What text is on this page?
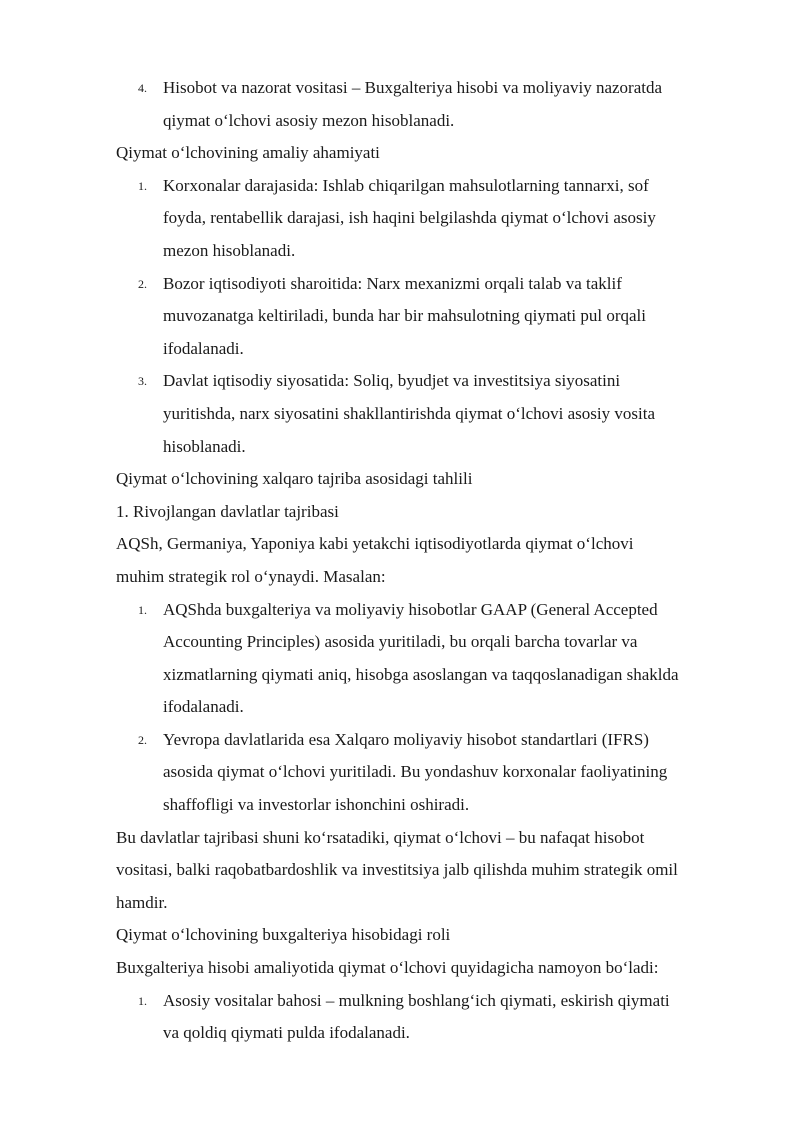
4. Hisobot va nazorat vositasi – Buxgalteriya hisobi va moliyaviy nazoratda
qiymat o‘lchovi asosiy mezon hisoblanadi.
Qiymat o‘lchovining amaliy ahamiyati
1. Korxonalar darajasida: Ishlab chiqarilgan mahsulotlarning tannarxi, sof
foyda, rentabellik darajasi, ish haqini belgilashda qiymat o‘lchovi asosiy
mezon hisoblanadi.
2. Bozor iqtisodiyoti sharoitida: Narx mexanizmi orqali talab va taklif
muvozanatga keltiriladi, bunda har bir mahsulotning qiymati pul orqali
ifodalanadi.
3. Davlat iqtisodiy siyosatida: Soliq, byudjet va investitsiya siyosatini
yuritishda, narx siyosatini shakllantirishda qiymat o‘lchovi asosiy vosita
hisoblanadi.
Qiymat o‘lchovining xalqaro tajriba asosidagi tahlili
1. Rivojlangan davlatlar tajribasi
AQSh, Germaniya, Yaponiya kabi yetakchi iqtisodiyotlarda qiymat o‘lchovi
muhim strategik rol o‘ynaydi. Masalan:
1. AQShda buxgalteriya va moliyaviy hisobotlar GAAP (General Accepted
Accounting Principles) asosida yuritiladi, bu orqali barcha tovarlar va
xizmatlarning qiymati aniq, hisobga asoslangan va taqqoslanadigan shaklda
ifodalanadi.
2. Yevropa davlatlarida esa Xalqaro moliyaviy hisobot standartlari (IFRS)
asosida qiymat o‘lchovi yuritiladi. Bu yondashuv korxonalar faoliyatining
shaffofligi va investorlar ishonchini oshiradi.
Bu davlatlar tajribasi shuni ko‘rsatadiki, qiymat o‘lchovi – bu nafaqat hisobot
vositasi, balki raqobatbardoshlik va investitsiya jalb qilishda muhim strategik omil
hamdir.
Qiymat o‘lchovining buxgalteriya hisobidagi roli
Buxgalteriya hisobi amaliyotida qiymat o‘lchovi quyidagicha namoyon bo‘ladi:
1. Asosiy vositalar bahosi – mulkning boshlang‘ich qiymati, eskirish qiymati
va qoldiq qiymati pulda ifodalanadi.
